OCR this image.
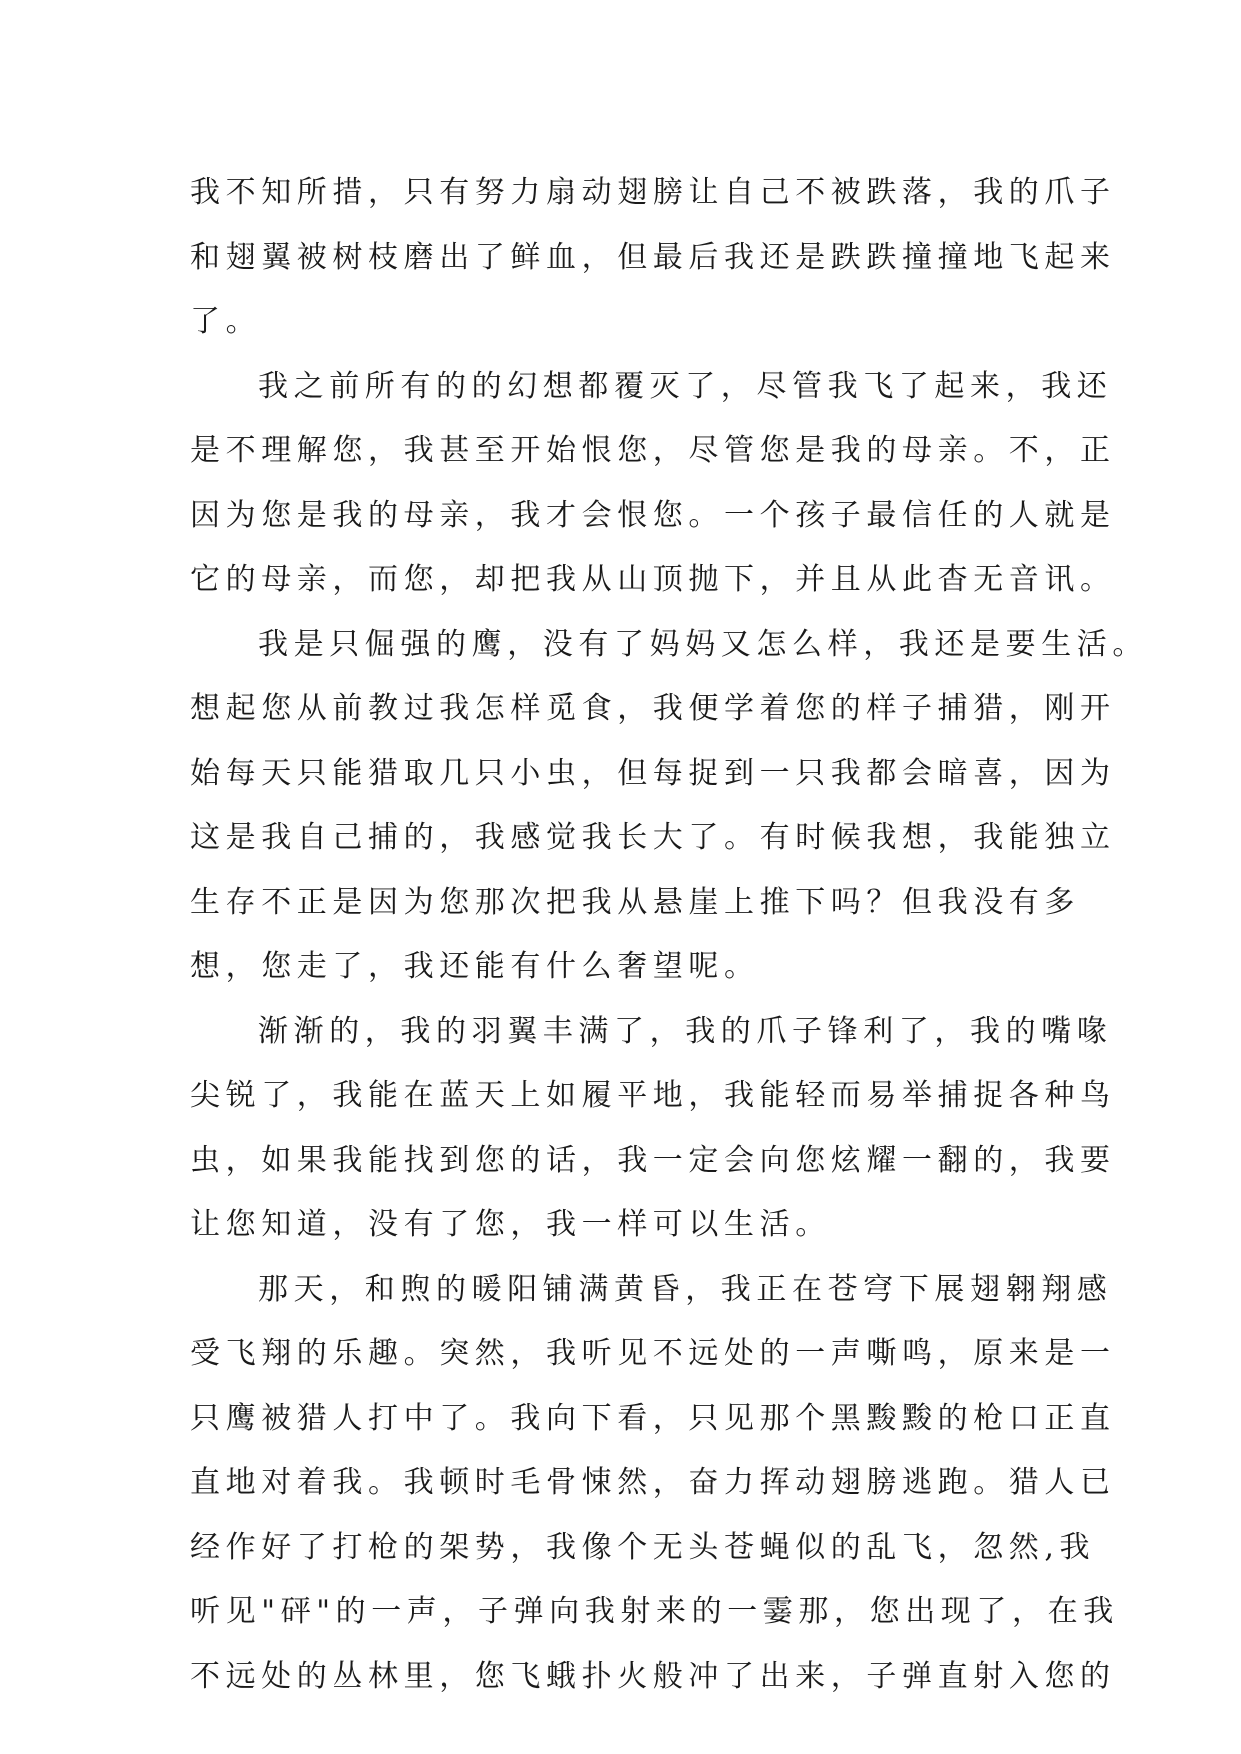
我不知所措，只有努力扇动翅膀让自己不被跌落，我的爪子
和翅翼被树枝磨出了鲜血，但最后我还是跌跌撞撞地飞起来
了。
我之前所有的的幻想都覆灭了，尽管我飞了起来，我还
是不理解您，我甚至开始恨您，尽管您是我的母亲。不，正
因为您是我的母亲，我才会恨您。一个孩子最信任的人就是
它的母亲，而您，却把我从山顶抛下，并且从此杳无音讯。
我是只倔强的鹰，没有了妈妈又怎么样，我还是要生活。
想起您从前教过我怎样觅食，我便学着您的样子捕猎，刚开
始每天只能猎取几只小虫，但每捉到一只我都会暗喜，因为
这是我自己捕的，我感觉我长大了。有时候我想，我能独立
生存不正是因为您那次把我从悬崖上推下吗？但我没有多
想，您走了，我还能有什么奢望呢。
渐渐的，我的羽翼丰满了，我的爪子锋利了，我的嘴喙
尖锐了，我能在蓝天上如履平地，我能轻而易举捕捉各种鸟
虫，如果我能找到您的话，我一定会向您炫耀一翻的，我要
让您知道，没有了您，我一样可以生活。
那天，和煦的暖阳铺满黄昏，我正在苍穹下展翅翱翔感
受飞翔的乐趣。突然，我听见不远处的一声嘶鸣，原来是一
只鹰被猎人打中了。我向下看，只见那个黑黢黢的枪口正直
直地对着我。我顿时毛骨悚然，奋力挥动翅膀逃跑。猎人已
经作好了打枪的架势，我像个无头苍蝇似的乱飞，忽然,我
听见"砰"的一声，子弹向我射来的一霎那，您出现了，在我
不远处的丛林里，您飞蛾扑火般冲了出来，子弹直射入您的
